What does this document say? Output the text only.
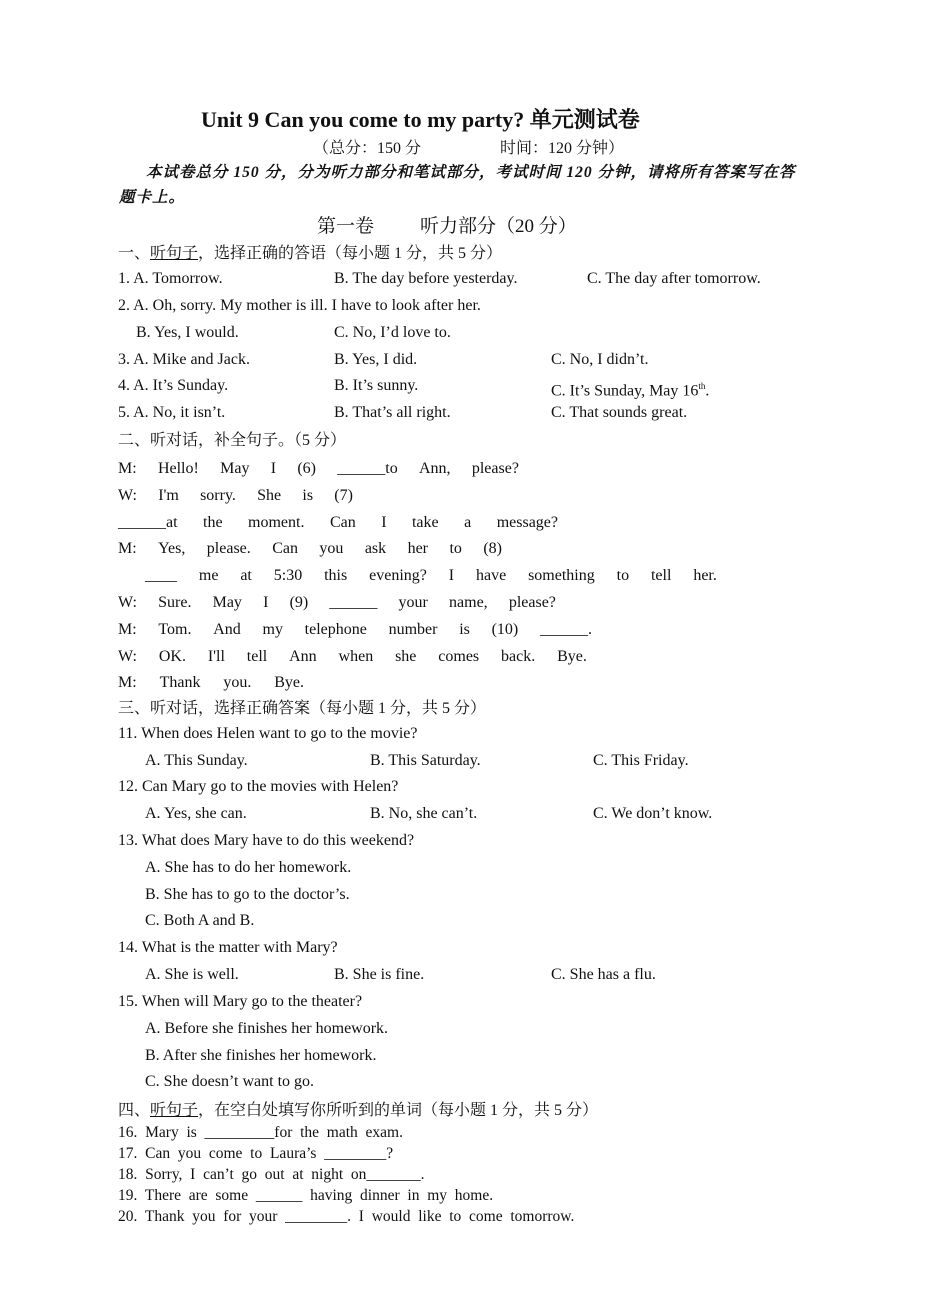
Unit 9 Can you come to my party? 单元测试卷
（总分：150 分	时间：120 分钟）
本试卷总分 150 分，分为听力部分和笔试部分，考试时间 120 分钟，请将所有答案写在答
题卡上。
第一卷 听力部分（20 分）
一、听句子，选择正确的答语（每小题 1 分，共 5 分）
1. A. Tomorrow.	B. The day before yesterday.	C. The day after tomorrow.
2. A. Oh, sorry. My mother is ill. I have to look after her.
B. Yes, I would.	C. No, I’d love to.
3. A. Mike and Jack.	B. Yes, I did.	C. No, I didn’t.
4. A. It’s Sunday.	B. It’s sunny.	C. It’s Sunday, May 16th.
5. A. No, it isn’t.	B. That’s all right.	C. That sounds great.
二、听对话，补全句子。（5 分）
M: Hello! May I (6) ______to Ann, please?
W: I'm sorry. She is (7)
______at the moment. Can I take a message?
M: Yes, please. Can you ask her to (8)
____ me at 5:30 this evening? I have something to tell her.
W: Sure. May I (9) ______ your name, please?
M: Tom. And my telephone number is (10) ______.
W: OK. I'll tell Ann when she comes back. Bye.
M: Thank you. Bye.
三、听对话，选择正确答案（每小题 1 分，共 5 分）
11. When does Helen want to go to the movie?
A. This Sunday.	B. This Saturday.	C. This Friday.
12. Can Mary go to the movies with Helen?
A. Yes, she can.	B. No, she can’t.	C. We don’t know.
13. What does Mary have to do this weekend?
A. She has to do her homework.
B. She has to go to the doctor’s.
C. Both A and B.
14. What is the matter with Mary?
A. She is well.	B. She is fine.	C. She has a flu.
15. When will Mary go to the theater?
A. Before she finishes her homework.
B. After she finishes her homework.
C. She doesn’t want to go.
四、听句子，在空白处填写你所听到的单词（每小题 1 分，共 5 分）
16.  Mary  is  _________for  the  math  exam.
17.  Can  you  come  to  Laura’s  ________?
18.  Sorry,  I  can’t  go  out  at  night  on_______.
19.  There  are  some  ______  having  dinner  in  my  home.
20.  Thank  you  for  your  ________.  I  would  like  to  come  tomorrow.
